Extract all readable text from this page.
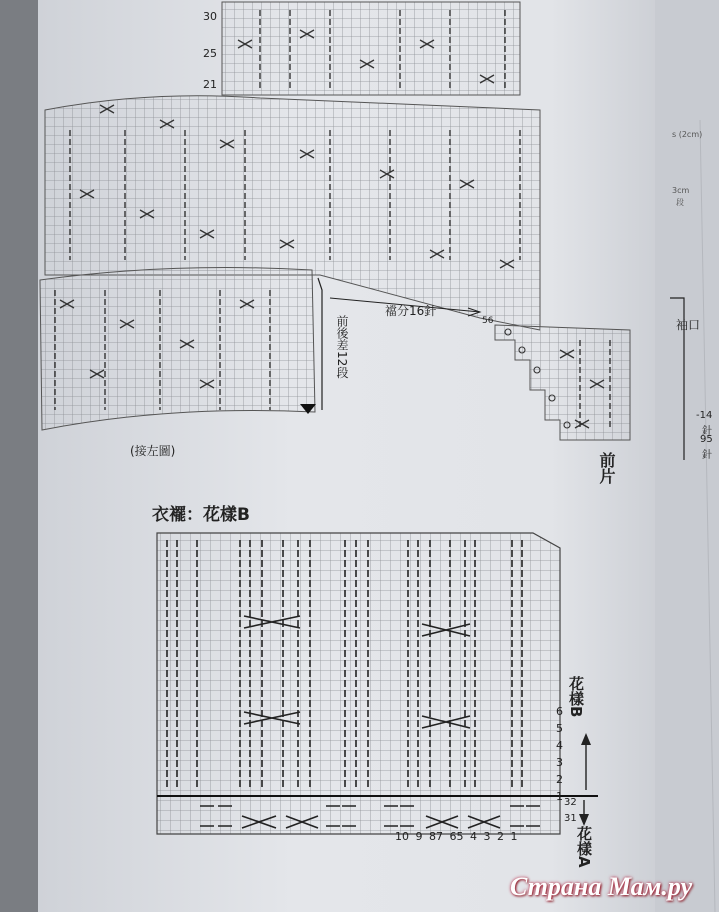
30
25
21
前後差12段
襠分16針
56
(接左圖)
前片
袖口
s (2cm)
3cm
段
-14
針
95
針
衣襬：花樣B
6
5
4
3
2
1 32
31
花樣B
花樣A
10 9 87 65 4 3 2 1
Страна Мам.ру
